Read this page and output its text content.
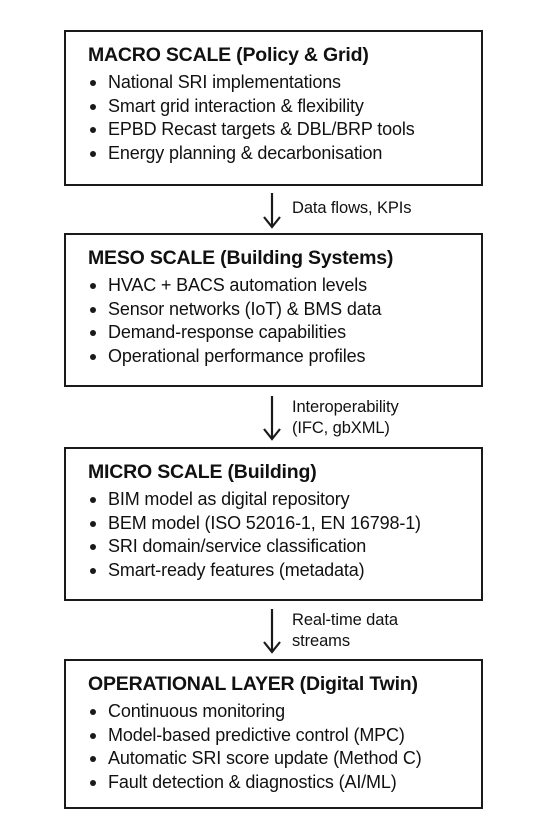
MACRO SCALE (Policy & Grid)
National SRI implementations
Smart grid interaction & flexibility
EPBD Recast targets & DBL/BRP tools
Energy planning & decarbonisation
Data flows, KPIs
MESO SCALE (Building Systems)
HVAC + BACS automation levels
Sensor networks (IoT) & BMS data
Demand-response capabilities
Operational performance profiles
Interoperability
(IFC, gbXML)
MICRO SCALE (Building)
BIM model as digital repository
BEM model (ISO 52016-1, EN 16798-1)
SRI domain/service classification
Smart-ready features (metadata)
Real-time data
streams
OPERATIONAL LAYER (Digital Twin)
Continuous monitoring
Model-based predictive control (MPC)
Automatic SRI score update (Method C)
Fault detection & diagnostics (AI/ML)
